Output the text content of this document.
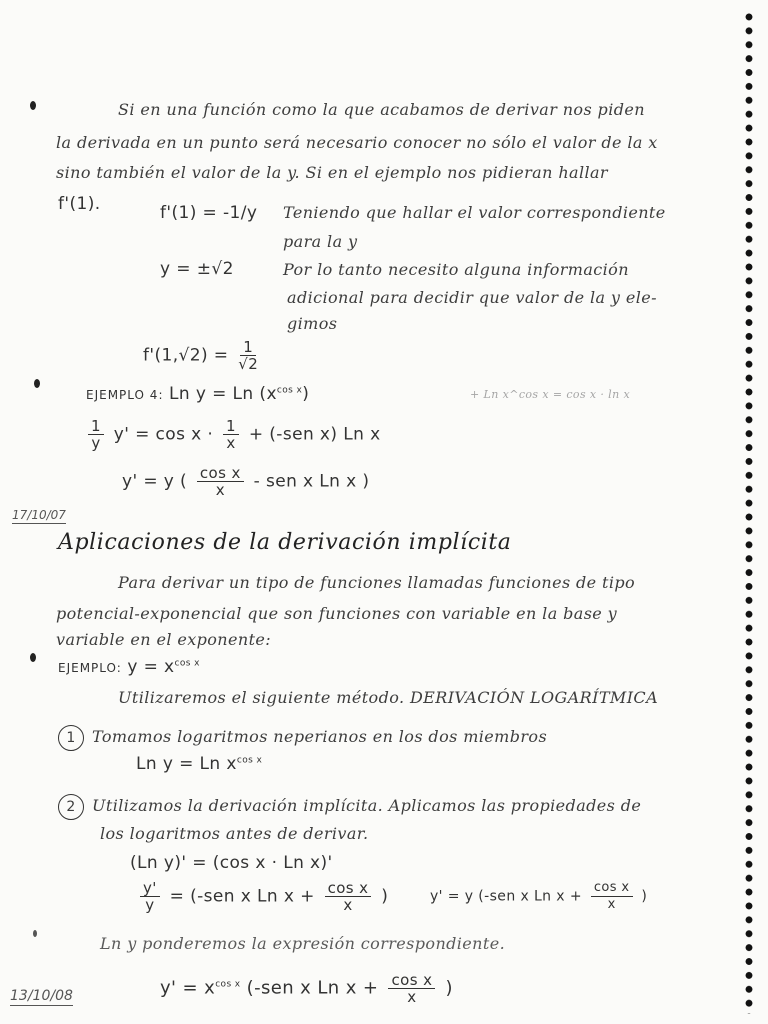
Si en una función como la que acabamos de derivar nos piden
la derivada en un punto será necesario conocer no sólo el valor de la x
sino también el valor de la y. Si en el ejemplo nos pidieran hallar
f'(1).	f'(1) = -1/y Teniendo que hallar el valor correspondiente
para la y
y = ±√2	Por lo tanto necesito alguna información
adicional para decidir que valor de la y ele-
gimos
$f'(1,√2) = \frac{1}{√2}$
EJEMPLO 4: Ln y = Ln $(x^{cos x})$	+ Ln x^cos x = cos x · ln x
$\frac{1}{y} y' = \cos x \cdot \frac{1}{x} + (-sen$ x) Ln x
y' = y ( $\frac{\text{cos x}}{x}$ - sen x Ln x )
17/10/07
Aplicaciones de la derivación implícita
Para derivar un tipo de funciones llamadas funciones de tipo
potencial-exponencial que son funciones con variable en la base y
variable en el exponente:
EJEMPLO: $y = x^{cos x}$
Utilizaremos el siguiente método. DERIVACIÓN LOGARÍTMICA
1 Tomamos logaritmos neperianos en los dos miembros
Ln y = Ln $x^{cos x}$
2 Utilizamos la derivación implícita. Aplicamos las propiedades de
los logaritmos antes de derivar.
(Ln y)' = (cos x · Ln x)'
$\frac{y'}{y} = (-sen$ x Ln $x + \frac{\text{cos x}}{x}$ )	y' = y (-sen x Ln $x + \frac{\text{cos x}}{x}$ )
Ln y ponderemos la expresión correspondiente.
$y' = x^{cos x}$ (-sen x Ln $x + \frac{\text{cos x}}{x}$ )
13/10/08
